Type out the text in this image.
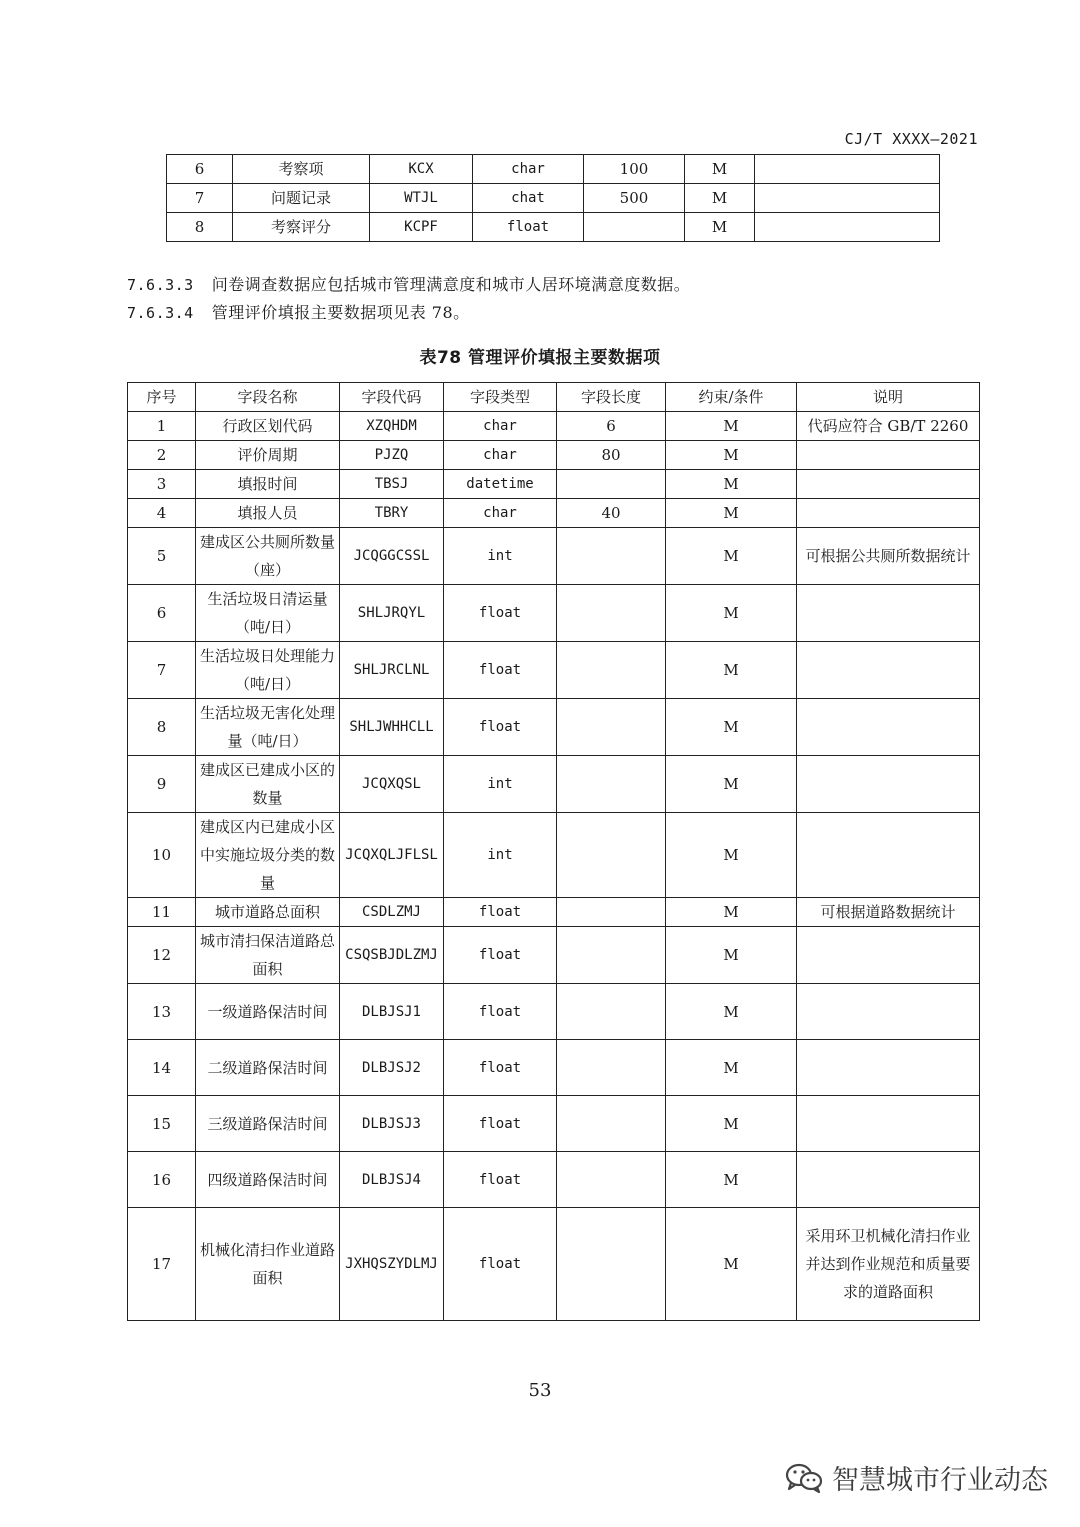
CJ/T XXXX—2021
6	考察项	KCX	char	100	M	
7	问题记录	WTJL	chat	500	M	
8	考察评分	KCPF	float		M	
7.6.3.3 问卷调查数据应包括城市管理满意度和城市人居环境满意度数据。
7.6.3.4 管理评价填报主要数据项见表 78。
表78 管理评价填报主要数据项
序号	字段名称	字段代码	字段类型	字段长度	约束/条件	说明
1	行政区划代码	XZQHDM	char	6	M	代码应符合 GB/T 2260
2	评价周期	PJZQ	char	80	M	
3	填报时间	TBSJ	datetime		M	
4	填报人员	TBRY	char	40	M	
5	建成区公共厕所数量（座）	JCQGGCSSL	int		M	可根据公共厕所数据统计
6	生活垃圾日清运量（吨/日）	SHLJRQYL	float		M	
7	生活垃圾日处理能力（吨/日）	SHLJRCLNL	float		M	
8	生活垃圾无害化处理量（吨/日）	SHLJWHHCLL	float		M	
9	建成区已建成小区的数量	JCQXQSL	int		M	
10	建成区内已建成小区中实施垃圾分类的数量	JCQXQLJFLSL	int		M	
11	城市道路总面积	CSDLZMJ	float		M	可根据道路数据统计
12	城市清扫保洁道路总面积	CSQSBJDLZMJ	float		M	
13	一级道路保洁时间	DLBJSJ1	float		M	
14	二级道路保洁时间	DLBJSJ2	float		M	
15	三级道路保洁时间	DLBJSJ3	float		M	
16	四级道路保洁时间	DLBJSJ4	float		M	
17	机械化清扫作业道路面积	JXHQSZYDLMJ	float		M	采用环卫机械化清扫作业并达到作业规范和质量要求的道路面积
53
智慧城市行业动态
